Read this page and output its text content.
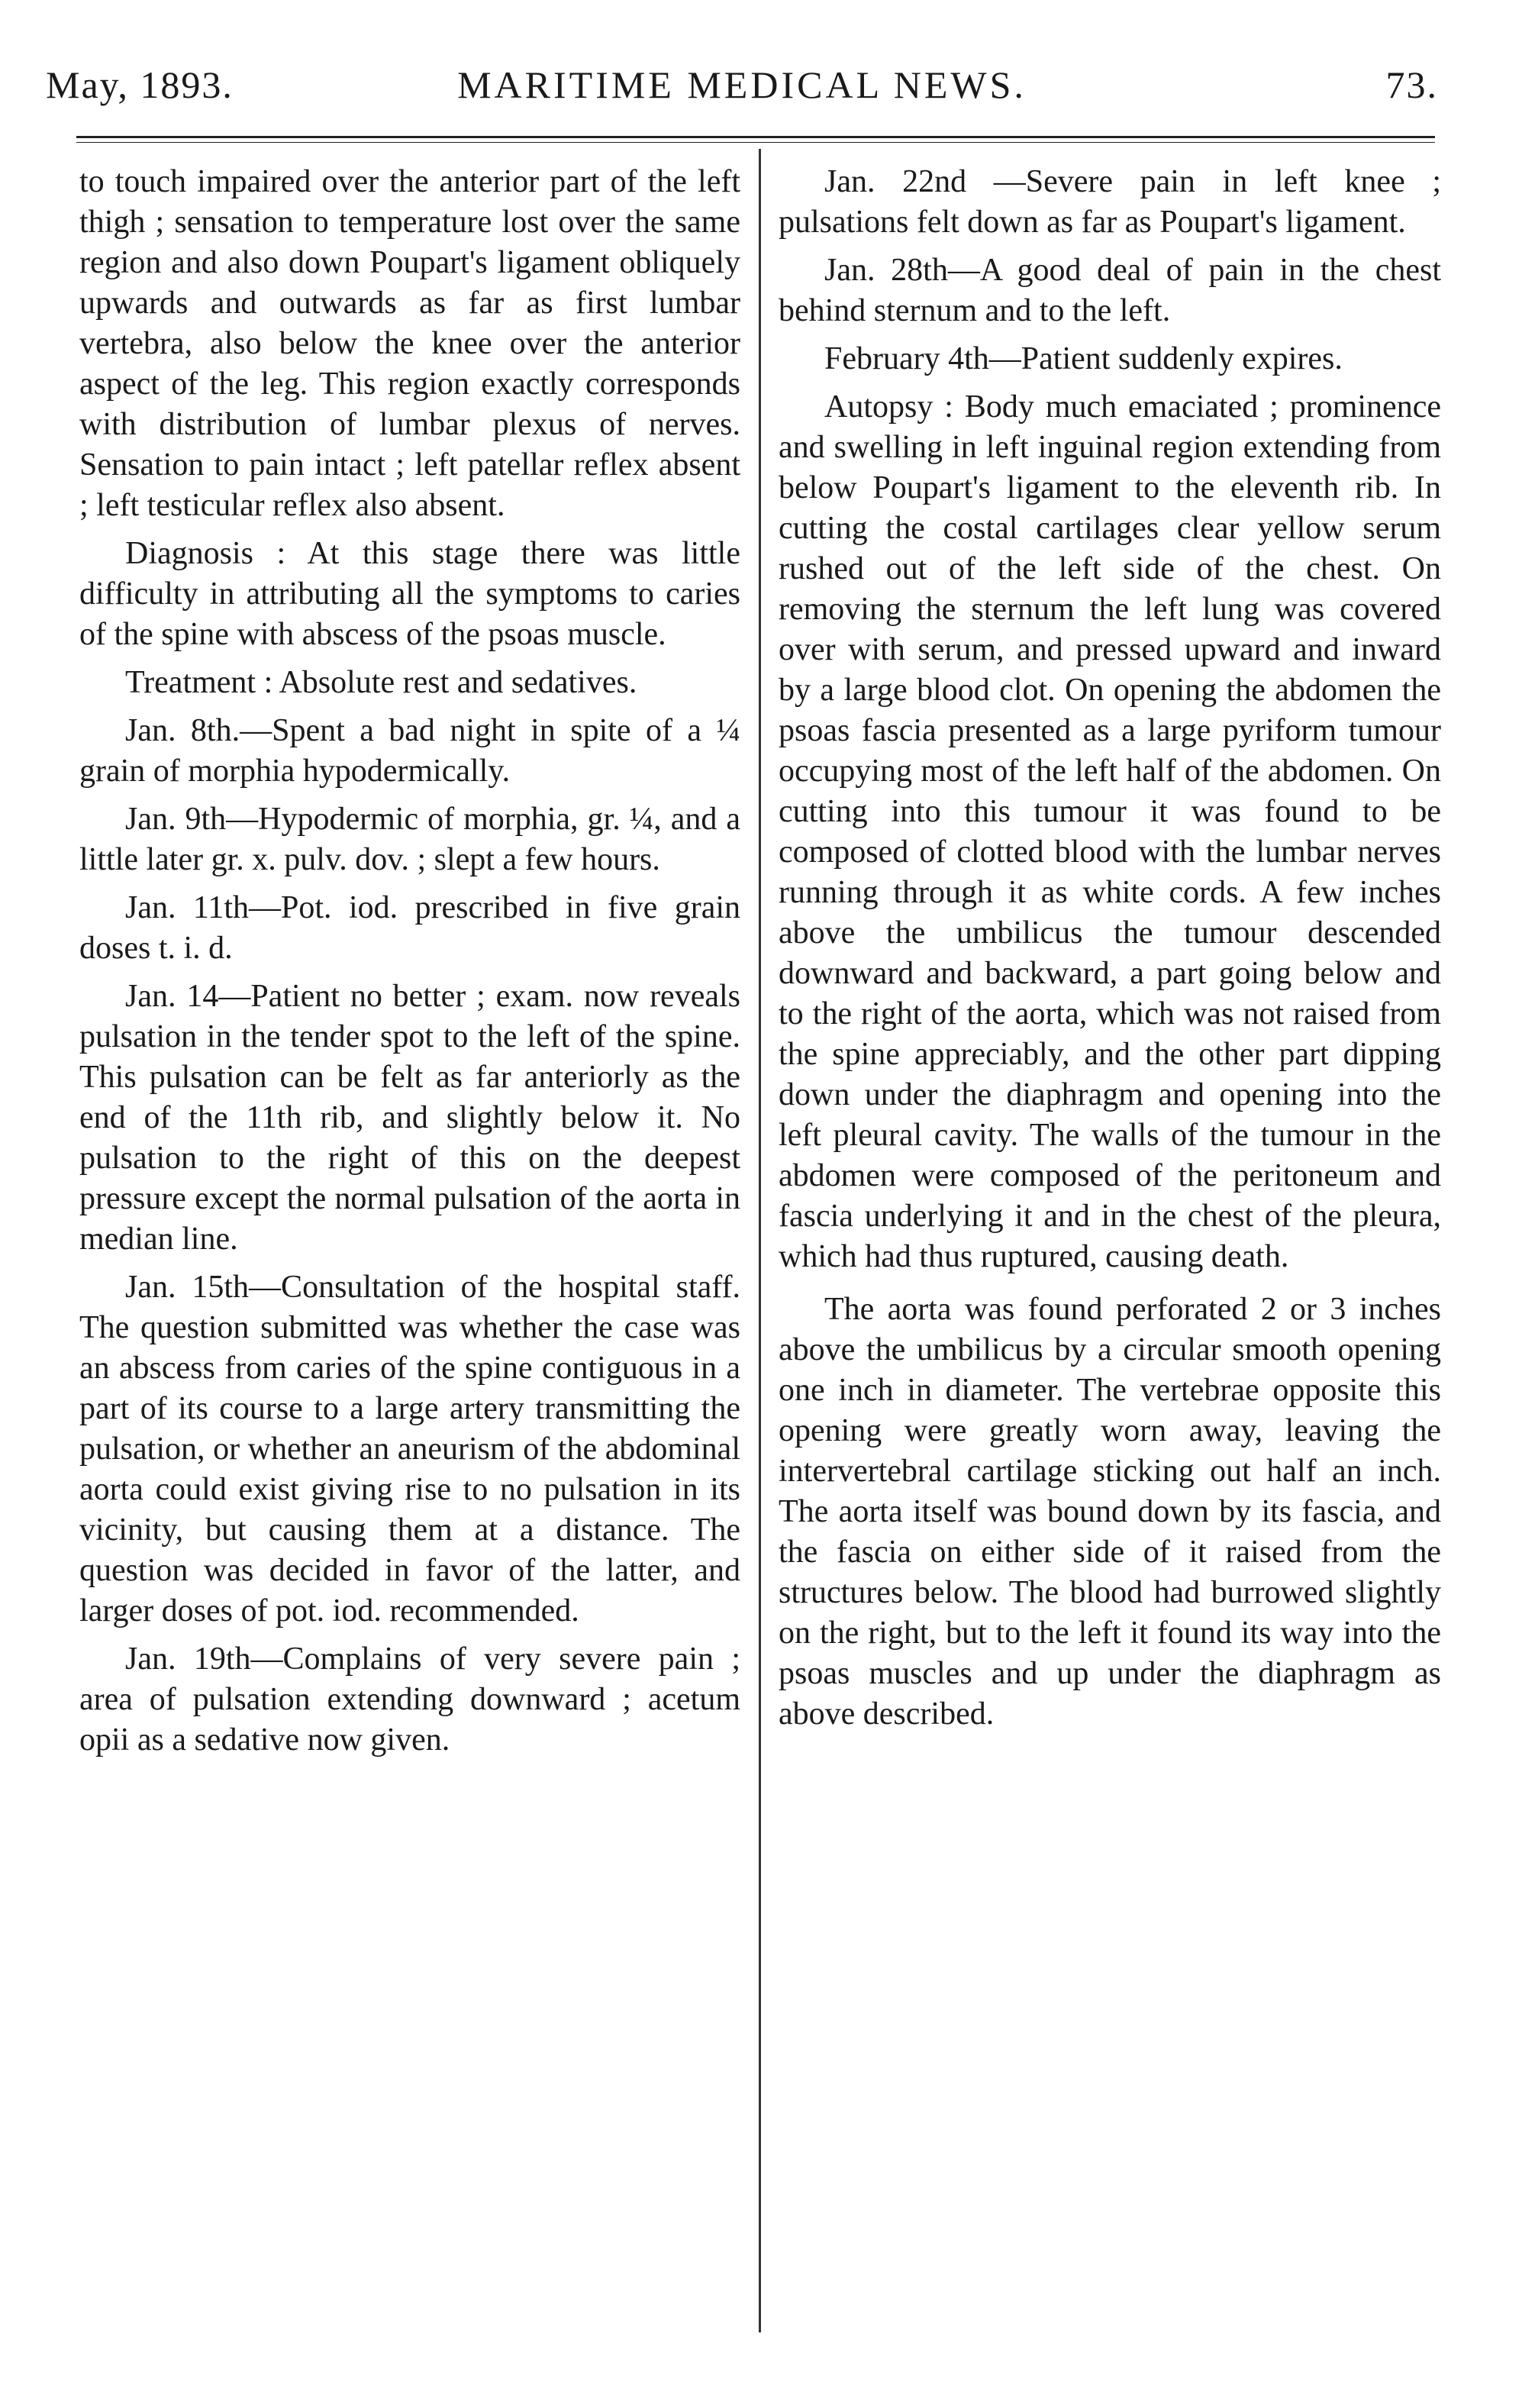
May, 1893.	MARITIME MEDICAL NEWS.	73.

to touch impaired over the anterior part of the left thigh ; sensation to temperature lost over the same region and also down Poupart's ligament obliquely upwards and outwards as far as first lumbar vertebra, also below the knee over the anterior aspect of the leg. This region exactly corresponds with distribution of lumbar plexus of nerves. Sensation to pain intact ; left patellar reflex absent ; left testicular reflex also absent.

Diagnosis : At this stage there was little difficulty in attributing all the symptoms to caries of the spine with abscess of the psoas muscle.

Treatment : Absolute rest and sedatives.

Jan. 8th.—Spent a bad night in spite of a ¼ grain of morphia hypodermically.

Jan. 9th—Hypodermic of morphia, gr. ¼, and a little later gr. x. pulv. dov. ; slept a few hours.

Jan. 11th—Pot. iod. prescribed in five grain doses t. i. d.

Jan. 14—Patient no better ; exam. now reveals pulsation in the tender spot to the left of the spine. This pulsation can be felt as far anteriorly as the end of the 11th rib, and slightly below it. No pulsation to the right of this on the deepest pressure except the normal pulsation of the aorta in median line.

Jan. 15th—Consultation of the hospital staff. The question submitted was whether the case was an abscess from caries of the spine contiguous in a part of its course to a large artery transmitting the pulsation, or whether an aneurism of the abdominal aorta could exist giving rise to no pulsation in its vicinity, but causing them at a distance. The question was decided in favor of the latter, and larger doses of pot. iod. recommended.

Jan. 19th—Complains of very severe pain ; area of pulsation extending downward ; acetum opii as a sedative now given.

Jan. 22nd —Severe pain in left knee ; pulsations felt down as far as Poupart's ligament.

Jan. 28th—A good deal of pain in the chest behind sternum and to the left.

February 4th—Patient suddenly expires.

Autopsy : Body much emaciated ; prominence and swelling in left inguinal region extending from below Poupart's ligament to the eleventh rib. In cutting the costal cartilages clear yellow serum rushed out of the left side of the chest. On removing the sternum the left lung was covered over with serum, and pressed upward and inward by a large blood clot. On opening the abdomen the psoas fascia presented as a large pyriform tumour occupying most of the left half of the abdomen. On cutting into this tumour it was found to be composed of clotted blood with the lumbar nerves running through it as white cords. A few inches above the umbilicus the tumour descended downward and backward, a part going below and to the right of the aorta, which was not raised from the spine appreciably, and the other part dipping down under the diaphragm and opening into the left pleural cavity. The walls of the tumour in the abdomen were composed of the peritoneum and fascia underlying it and in the chest of the pleura, which had thus ruptured, causing death.

The aorta was found perforated 2 or 3 inches above the umbilicus by a circular smooth opening one inch in diameter. The vertebrae opposite this opening were greatly worn away, leaving the intervertebral cartilage sticking out half an inch. The aorta itself was bound down by its fascia, and the fascia on either side of it raised from the structures below. The blood had burrowed slightly on the right, but to the left it found its way into the psoas muscles and up under the diaphragm as above described.
